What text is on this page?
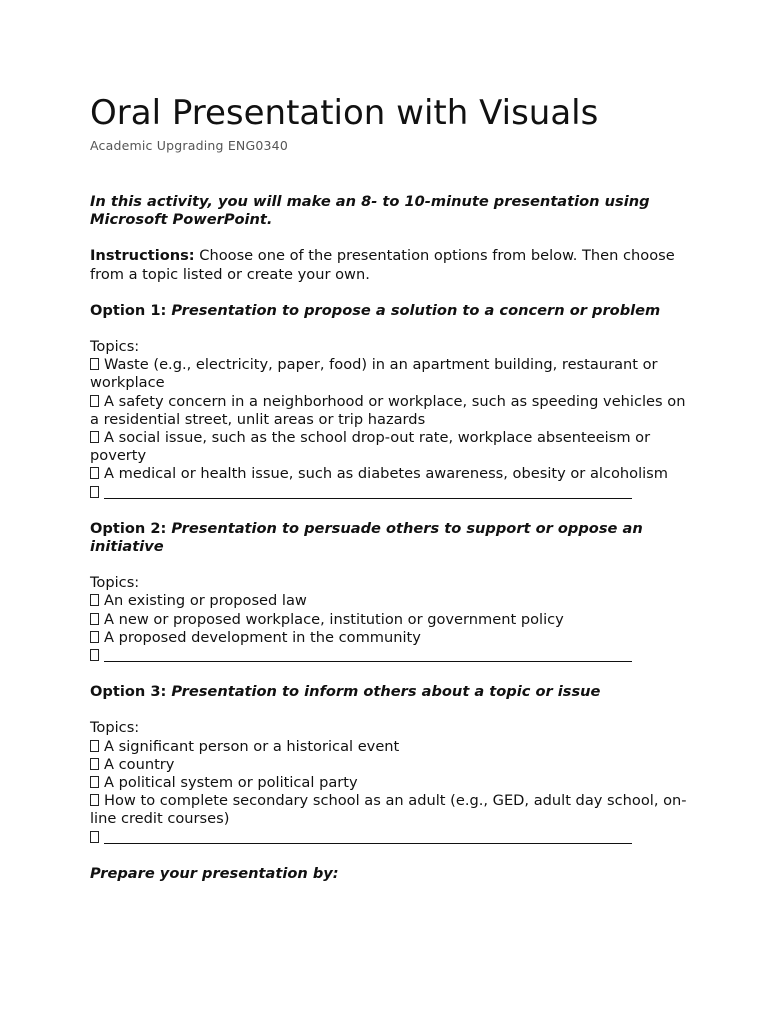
Oral Presentation with Visuals
Academic Upgrading ENG0340
In this activity, you will make an 8- to 10-minute presentation using Microsoft PowerPoint.
Instructions: Choose one of the presentation options from below. Then choose from a topic listed or create your own.
Option 1: Presentation to propose a solution to a concern or problem
Topics:
Waste (e.g., electricity, paper, food) in an apartment building, restaurant or workplace
A safety concern in a neighborhood or workplace, such as speeding vehicles on a residential street, unlit areas or trip hazards
A social issue, such as the school drop-out rate, workplace absenteeism or poverty
A medical or health issue, such as diabetes awareness, obesity or alcoholism
Option 2: Presentation to persuade others to support or oppose an initiative
Topics:
An existing or proposed law
A new or proposed workplace, institution or government policy
A proposed development in the community
Option 3: Presentation to inform others about a topic or issue
Topics:
A significant person or a historical event
A country
A political system or political party
How to complete secondary school as an adult (e.g., GED, adult day school, on-line credit courses)
Prepare your presentation by:
